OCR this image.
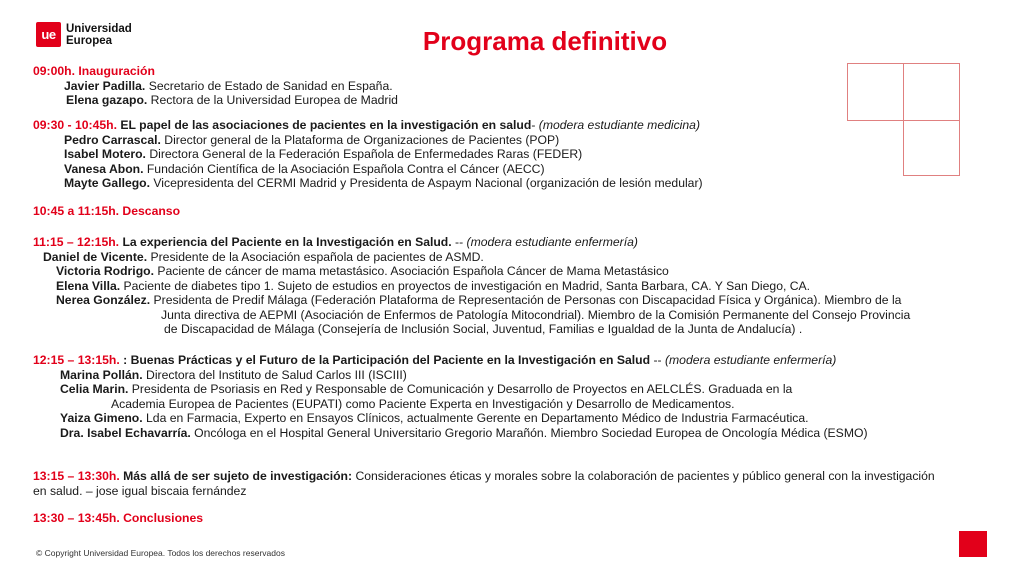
ue Universidad
Europea	Programa definitivo
09:00h. Inauguración

Javier Padilla. Secretario de Estado de Sanidad en España.

Elena gazapo. Rectora de la Universidad Europea de Madrid

09:30 - 10:45h. EL papel de las asociaciones de pacientes en la investigación en salud- (modera estudiante medicina)

Pedro Carrascal. Director general de la Plataforma de Organizaciones de Pacientes (POP)

Isabel Motero. Directora General de la Federación Española de Enfermedades Raras (FEDER)

Vanesa Abon. Fundación Científica de la Asociación Española Contra el Cáncer (AECC)

Mayte Gallego. Vicepresidenta del CERMI Madrid y Presidenta de Aspaym Nacional (organización de lesión medular)

10:45 a 11:15h. Descanso
11:15 – 12:15h. La experiencia del Paciente en la Investigación en Salud. -- (modera estudiante enfermería)

Daniel de Vicente. Presidente de la Asociación española de pacientes de ASMD.

Victoria Rodrigo. Paciente de cáncer de mama metastásico. Asociación Española Cáncer de Mama Metastásico

Elena Villa. Paciente de diabetes tipo 1. Sujeto de estudios en proyectos de investigación en Madrid, Santa Barbara, CA. Y San Diego, CA.

Nerea González. Presidenta de Predif Málaga (Federación Plataforma de Representación de Personas con Discapacidad Física y Orgánica). Miembro de la

Junta directiva de AEPMI (Asociación de Enfermos de Patología Mitocondrial). Miembro de la Comisión Permanente del Consejo Provincia

de Discapacidad de Málaga (Consejería de Inclusión Social, Juventud, Familias e Igualdad de la Junta de Andalucía) .

12:15 – 13:15h. : Buenas Prácticas y el Futuro de la Participación del Paciente en la Investigación en Salud -- (modera estudiante enfermería)

Marina Pollán. Directora del Instituto de Salud Carlos III (ISCIII)

Celia Marin. Presidenta de Psoriasis en Red y Responsable de Comunicación y Desarrollo de Proyectos en AELCLÉS. Graduada en la

Academia Europea de Pacientes (EUPATI) como Paciente Experta en Investigación y Desarrollo de Medicamentos.

Yaiza Gimeno. Lda en Farmacia, Experto en Ensayos Clínicos, actualmente Gerente en Departamento Médico de Industria Farmacéutica.

Dra. Isabel Echavarría. Oncóloga en el Hospital General Universitario Gregorio Marañón. Miembro Sociedad Europea de Oncología Médica (ESMO)

13:15 – 13:30h. Más allá de ser sujeto de investigación: Consideraciones éticas y morales sobre la colaboración de pacientes y público general con la investigación en salud. – jose igual biscaia fernández

13:30 – 13:45h. Conclusiones
© Copyright Universidad Europea. Todos los derechos reservados
